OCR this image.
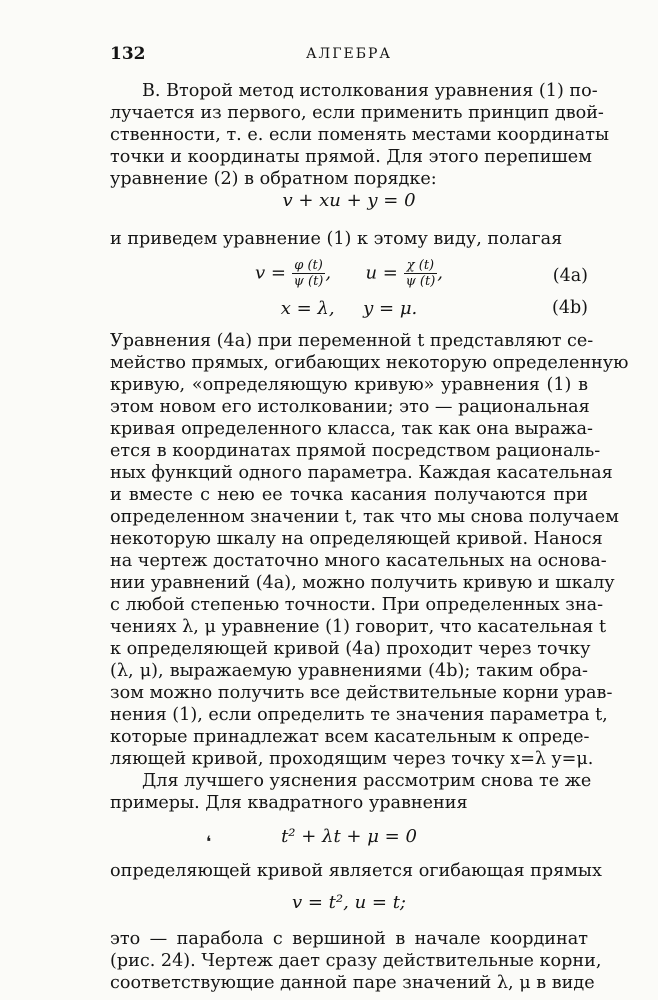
132	АЛГЕБРА
В. Второй метод истолкования уравнения (1) по-
лучается из первого, если применить принцип двой-
ственности, т. е. если поменять местами координаты
точки и координаты прямой. Для этого перепишем
уравнение (2) в обратном порядке:
v + xu + y = 0
и приведем уравнение (1) к этому виду, полагая
$v = \frac{\varphi (t)}{\psi (t)}$ , $u = \frac{\chi (t)}{\psi (t)}$ ,	(4a)
x = λ,     y = μ.	(4b)
Уравнения (4a) при переменной t представляют се-
мейство прямых, огибающих некоторую определенную
кривую, «определяющую кривую» уравнения (1) в
этом новом его истолковании; это — рациональная
кривая определенного класса, так как она выража-
ется в координатах прямой посредством рациональ-
ных функций одного параметра. Каждая касательная
и вместе с нею ее точка касания получаются при
определенном значении t, так что мы снова получаем
некоторую шкалу на определяющей кривой. Нанося
на чертеж достаточно много касательных на основа-
нии уравнений (4a), можно получить кривую и шкалу
с любой степенью точности. При определенных зна-
чениях λ, μ уравнение (1) говорит, что касательная t
к определяющей кривой (4a) проходит через точку
(λ, μ), выражаемую уравнениями (4b); таким обра-
зом можно получить все действительные корни урав-
нения (1), если определить те значения параметра t,
которые принадлежат всем касательным к опреде-
ляющей кривой, проходящим через точку x=λ y=μ.
Для лучшего уяснения рассмотрим снова те же
примеры. Для квадратного уравнения
❛	t² + λt + μ = 0
определяющей кривой является огибающая прямых
v = t², u = t;
это — парабола с вершиной в начале координат
(рис. 24). Чертеж дает сразу действительные корни,
соответствующие данной паре значений λ, μ в виде
